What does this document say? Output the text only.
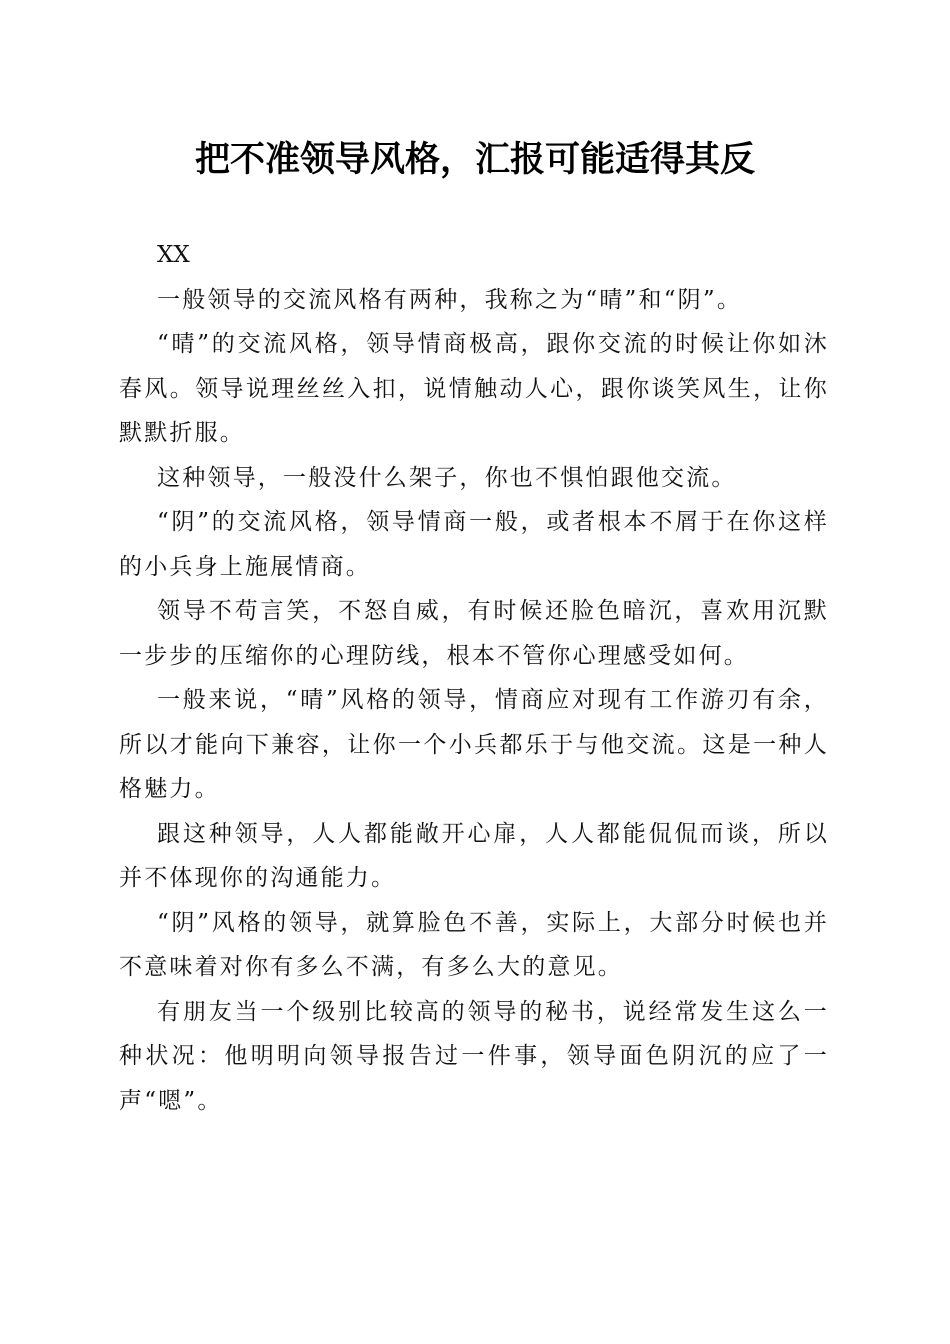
把不准领导风格，汇报可能适得其反

XX

一般领导的交流风格有两种，我称之为“晴”和“阴”。

“晴”的交流风格，领导情商极高，跟你交流的时候让你如沐春风。领导说理丝丝入扣，说情触动人心，跟你谈笑风生，让你默默折服。

这种领导，一般没什么架子，你也不惧怕跟他交流。

“阴”的交流风格，领导情商一般，或者根本不屑于在你这样的小兵身上施展情商。

领导不苟言笑，不怒自威，有时候还脸色暗沉，喜欢用沉默一步步的压缩你的心理防线，根本不管你心理感受如何。

一般来说，“晴”风格的领导，情商应对现有工作游刃有余，所以才能向下兼容，让你一个小兵都乐于与他交流。这是一种人格魅力。

跟这种领导，人人都能敞开心扉，人人都能侃侃而谈，所以并不体现你的沟通能力。

“阴”风格的领导，就算脸色不善，实际上，大部分时候也并不意味着对你有多么不满，有多么大的意见。

有朋友当一个级别比较高的领导的秘书，说经常发生这么一种状况：他明明向领导报告过一件事，领导面色阴沉的应了一声“嗯”。
